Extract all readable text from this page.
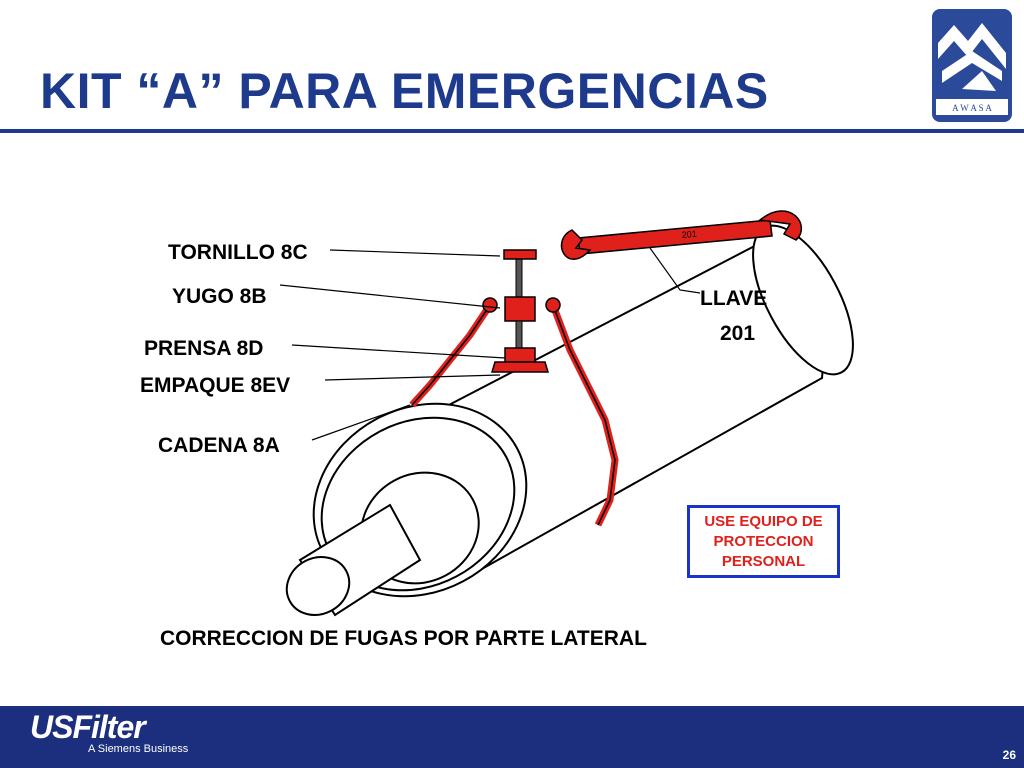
KIT “A” PARA EMERGENCIAS	A W A S A
201
TORNILLO 8C
YUGO 8B
PRENSA 8D
EMPAQUE 8EV
CADENA 8A
LLAVE
201
USE EQUIPO DE
PROTECCION
PERSONAL
CORRECCION DE FUGAS POR PARTE LATERAL
USFilter
A Siemens Business	26
